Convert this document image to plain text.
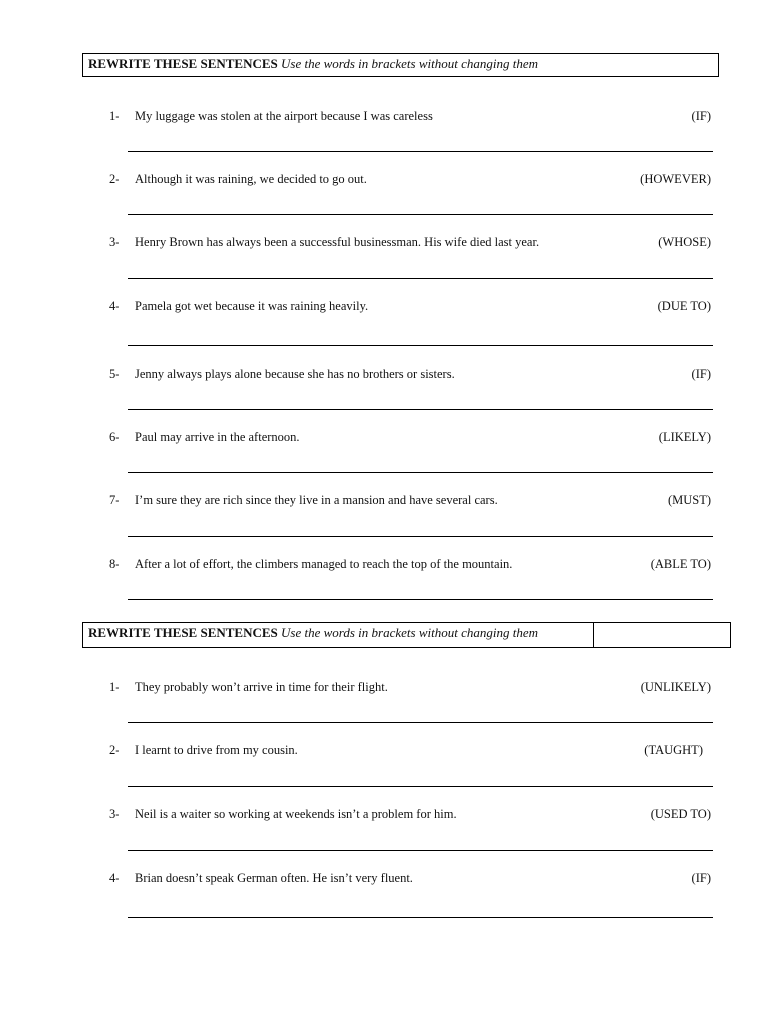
REWRITE THESE SENTENCES Use the words in brackets without changing them
1- My luggage was stolen at the airport because I was careless	(IF)
2- Although it was raining, we decided to go out.	(HOWEVER)
3- Henry Brown has always been a successful businessman. His wife died last year.	(WHOSE)
4- Pamela got wet because it was raining heavily.	(DUE TO)
5- Jenny always plays alone because she has no brothers or sisters.	(IF)
6- Paul may arrive in the afternoon.	(LIKELY)
7- I’m sure they are rich since they live in a mansion and have several cars.	(MUST)
8- After a lot of effort, the climbers managed to reach the top of the mountain.	(ABLE TO)
REWRITE THESE SENTENCES Use the words in brackets without changing them
1- They probably won’t arrive in time for their flight.	(UNLIKELY)
2- I learnt to drive from my cousin.	(TAUGHT)
3- Neil is a waiter so working at weekends isn’t a problem for him.	(USED TO)
4- Brian doesn’t speak German often. He isn’t very fluent.	(IF)
